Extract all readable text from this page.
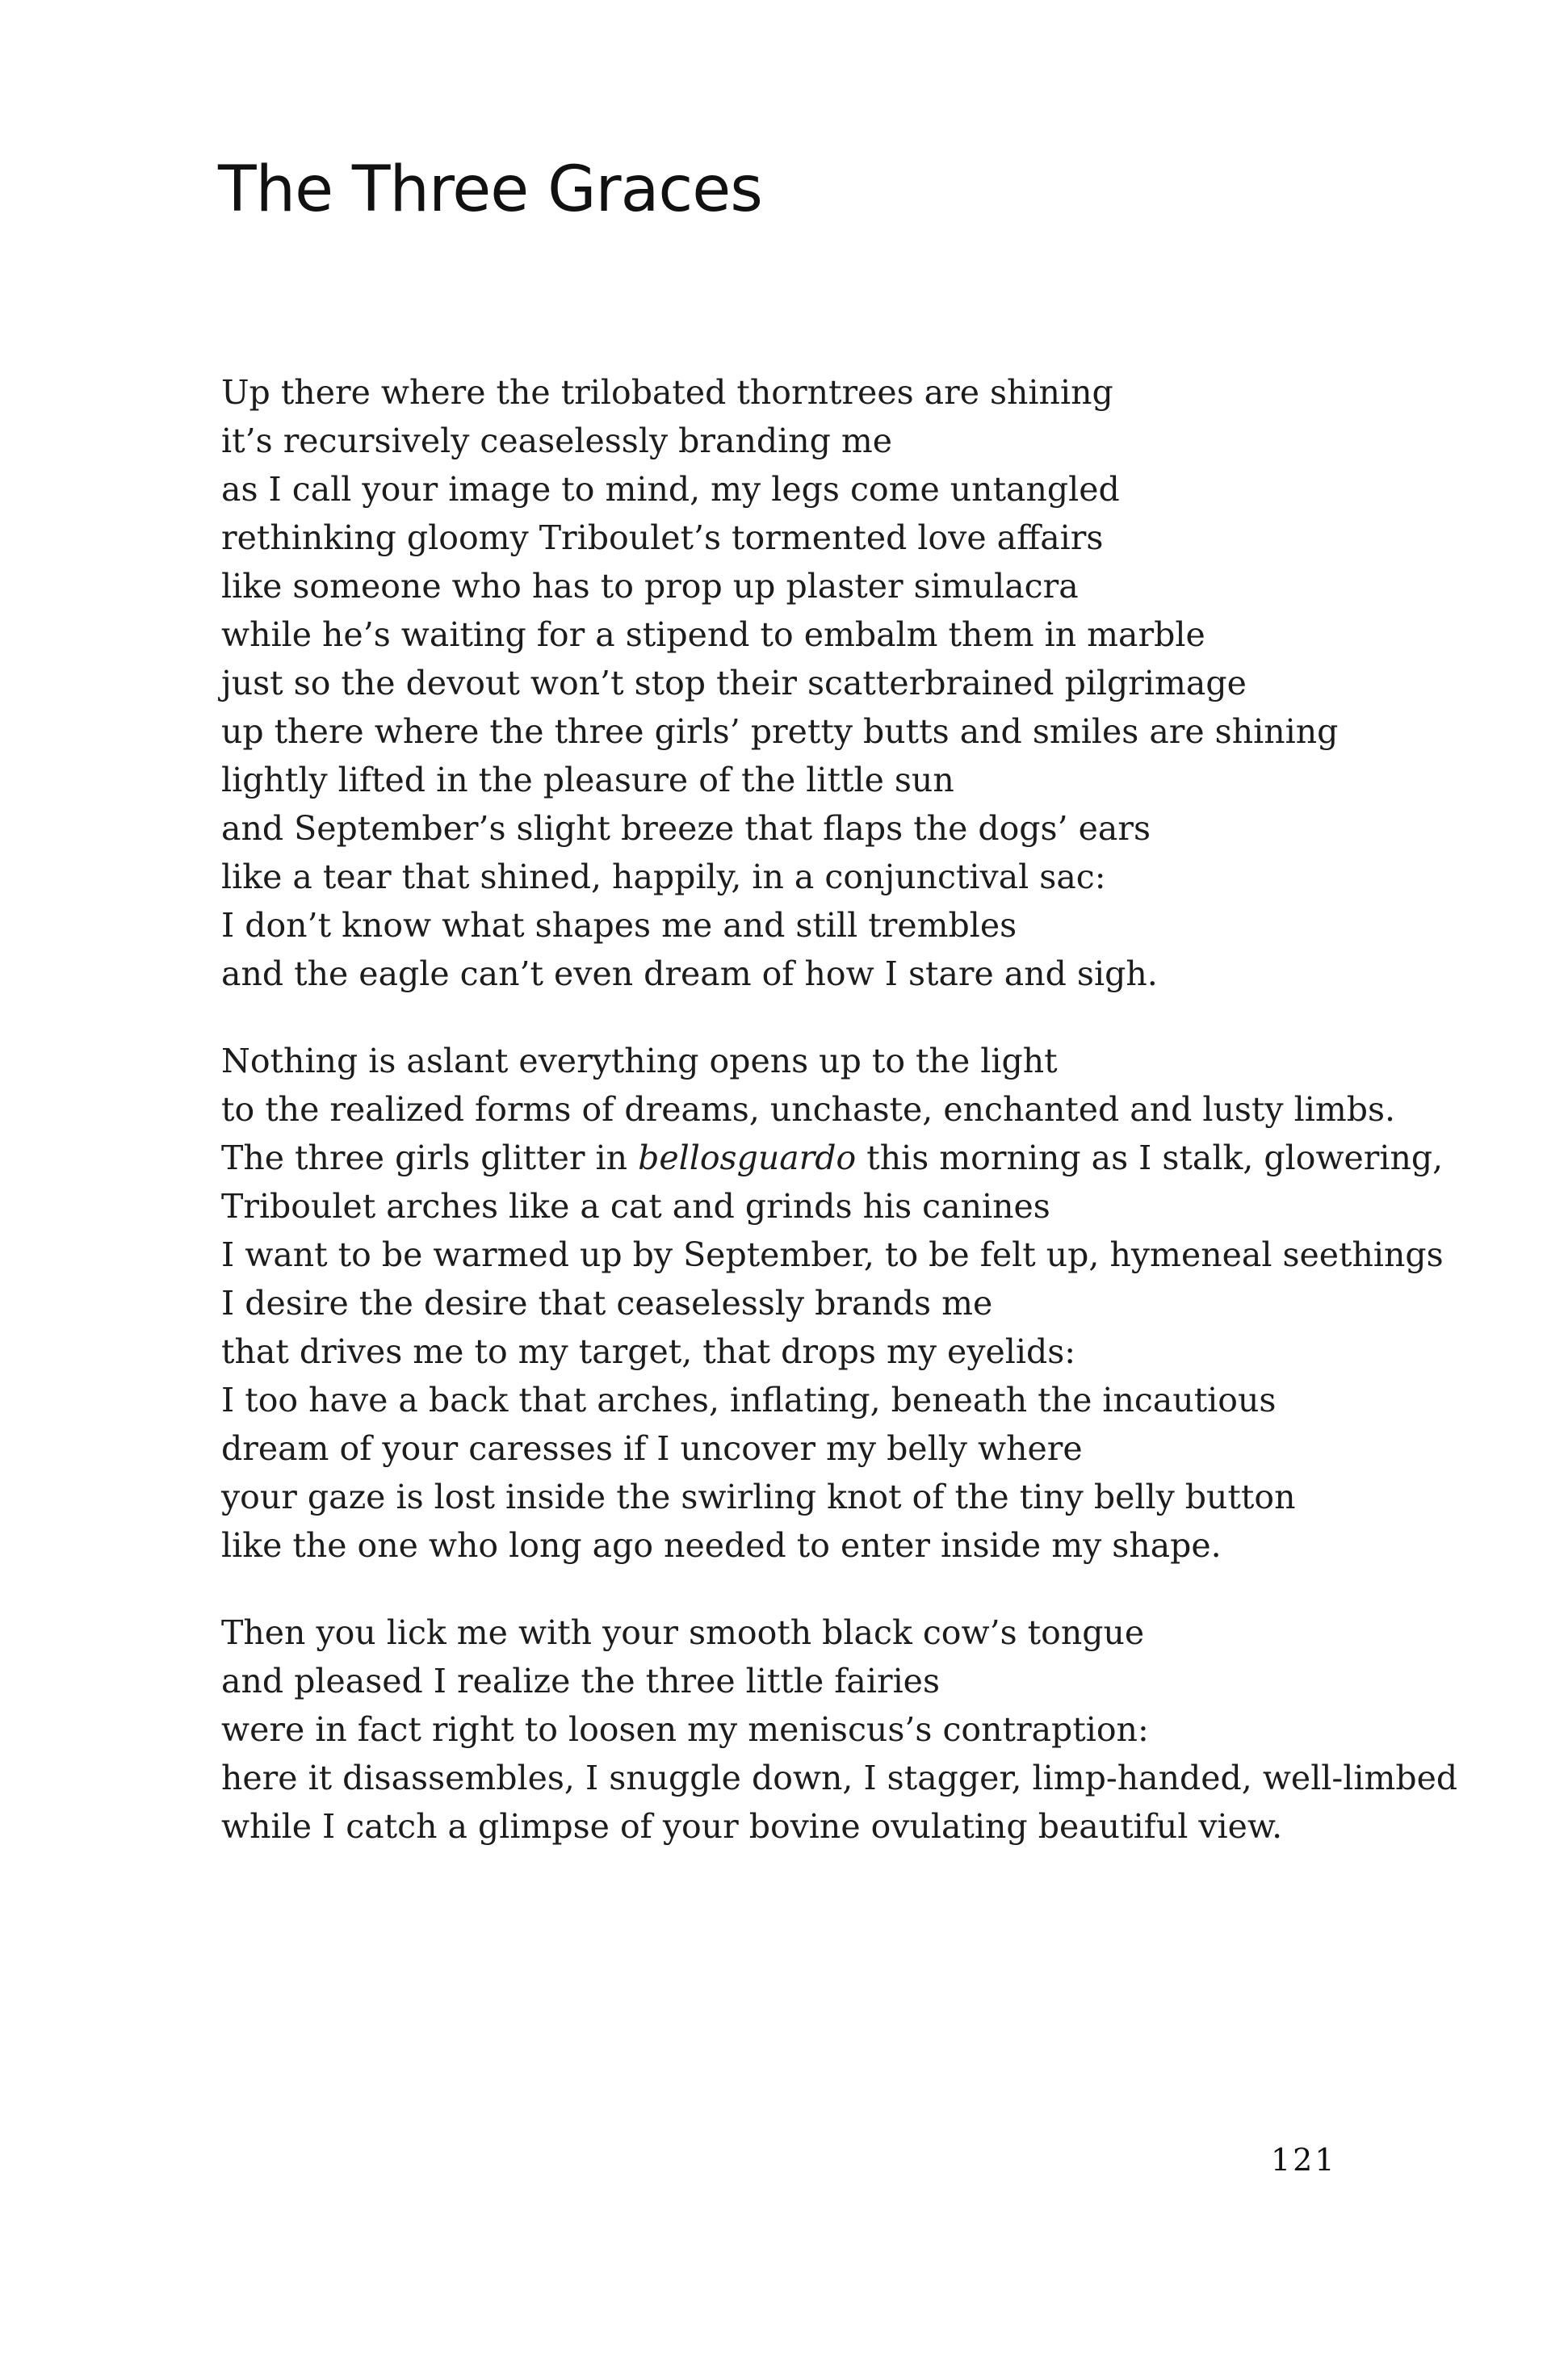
The Three Graces
Up there where the trilobated thorntrees are shining
it’s recursively ceaselessly branding me
as I call your image to mind, my legs come untangled
rethinking gloomy Triboulet’s tormented love affairs
like someone who has to prop up plaster simulacra
while he’s waiting for a stipend to embalm them in marble
just so the devout won’t stop their scatterbrained pilgrimage
up there where the three girls’ pretty butts and smiles are shining
lightly lifted in the pleasure of the little sun
and September’s slight breeze that flaps the dogs’ ears
like a tear that shined, happily, in a conjunctival sac:
I don’t know what shapes me and still trembles
and the eagle can’t even dream of how I stare and sigh.
Nothing is aslant everything opens up to the light
to the realized forms of dreams, unchaste, enchanted and lusty limbs.
The three girls glitter in bellosguardo this morning as I stalk, glowering,
Triboulet arches like a cat and grinds his canines
I want to be warmed up by September, to be felt up, hymeneal seethings
I desire the desire that ceaselessly brands me
that drives me to my target, that drops my eyelids:
I too have a back that arches, inflating, beneath the incautious
dream of your caresses if I uncover my belly where
your gaze is lost inside the swirling knot of the tiny belly button
like the one who long ago needed to enter inside my shape.
Then you lick me with your smooth black cow’s tongue
and pleased I realize the three little fairies
were in fact right to loosen my meniscus’s contraption:
here it disassembles, I snuggle down, I stagger, limp-handed, well-limbed
while I catch a glimpse of your bovine ovulating beautiful view.
121
